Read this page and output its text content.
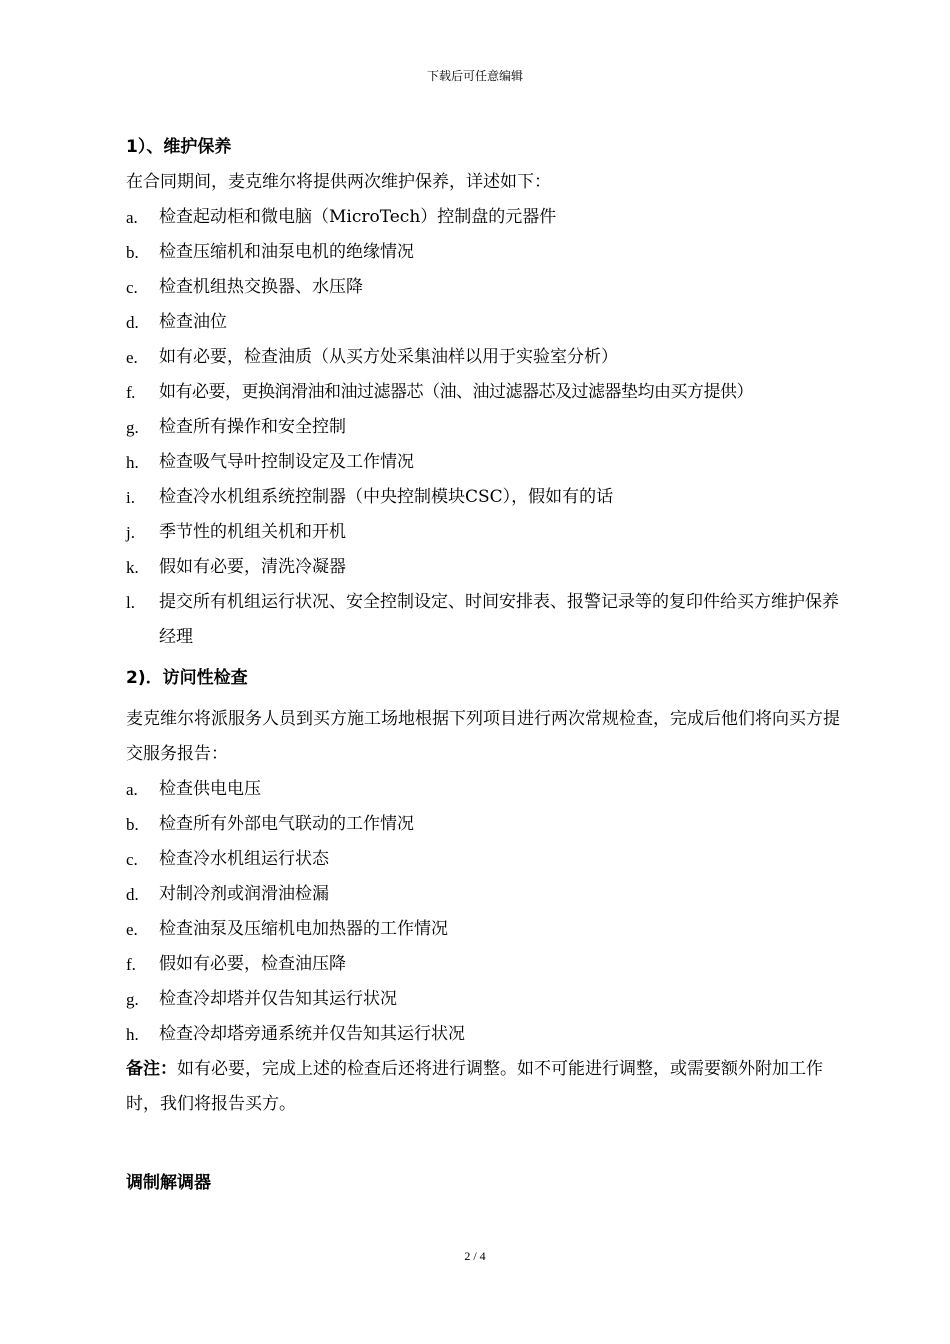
下载后可任意编辑
1）、维护保养
在合同期间，麦克维尔将提供两次维护保养，详述如下：
a. 检查起动柜和微电脑（MicroTech）控制盘的元器件
b. 检查压缩机和油泵电机的绝缘情况
c. 检查机组热交换器、水压降
d. 检查油位
e. 如有必要，检查油质（从买方处采集油样以用于实验室分析）
f. 如有必要，更换润滑油和油过滤器芯（油、油过滤器芯及过滤器垫均由买方提供）
g. 检查所有操作和安全控制
h. 检查吸气导叶控制设定及工作情况
i. 检查冷水机组系统控制器（中央控制模块CSC），假如有的话
j. 季节性的机组关机和开机
k. 假如有必要，清洗冷凝器
l. 提交所有机组运行状况、安全控制设定、时间安排表、报警记录等的复印件给买方维护保养经理
2)．访问性检查
麦克维尔将派服务人员到买方施工场地根据下列项目进行两次常规检查，完成后他们将向买方提交服务报告：
a. 检查供电电压
b. 检查所有外部电气联动的工作情况
c. 检查冷水机组运行状态
d. 对制冷剂或润滑油检漏
e. 检查油泵及压缩机电加热器的工作情况
f. 假如有必要，检查油压降
g. 检查冷却塔并仅告知其运行状况
h. 检查冷却塔旁通系统并仅告知其运行状况
备注：如有必要，完成上述的检查后还将进行调整。如不可能进行调整，或需要额外附加工作时，我们将报告买方。
调制解调器
2 / 4
